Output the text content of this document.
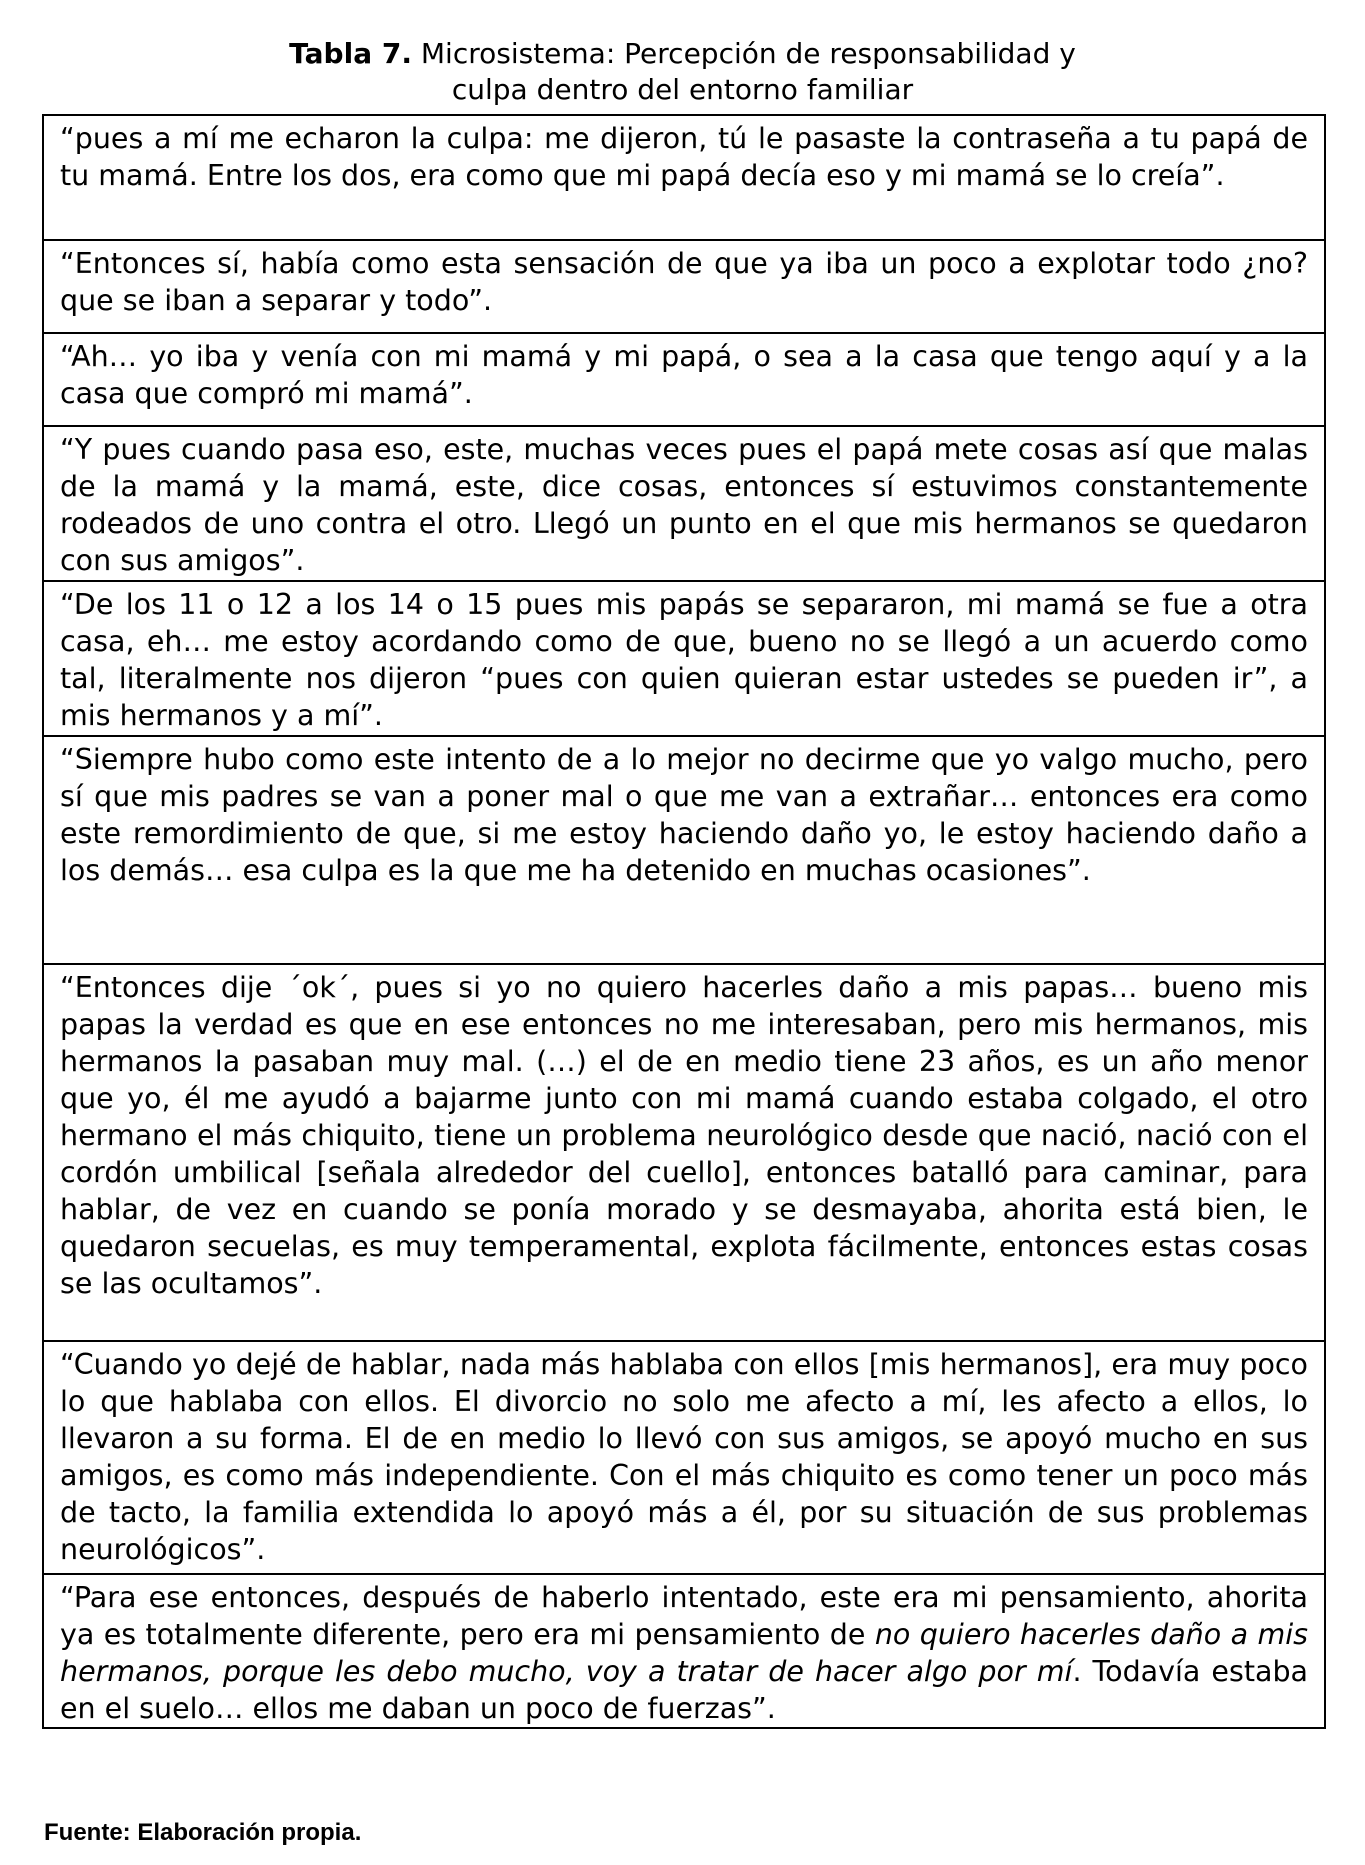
Tabla 7. Microsistema: Percepción de responsabilidad y
culpa dentro del entorno familiar
“pues a mí me echaron la culpa: me dijeron, tú le pasaste la contraseña a tu papá de tu mamá. Entre los dos, era como que mi papá decía eso y mi mamá se lo creía”.
“Entonces sí, había como esta sensación de que ya iba un poco a explotar todo ¿no? que se iban a separar y todo”.
“Ah… yo iba y venía con mi mamá y mi papá, o sea a la casa que tengo aquí y a la casa que compró mi mamá”.
“Y pues cuando pasa eso, este, muchas veces pues el papá mete cosas así que malas de la mamá y la mamá, este, dice cosas, entonces sí estuvimos constantemente rodeados de uno contra el otro. Llegó un punto en el que mis hermanos se quedaron con sus amigos”.
“De los 11 o 12 a los 14 o 15 pues mis papás se separaron, mi mamá se fue a otra casa, eh… me estoy acordando como de que, bueno no se llegó a un acuerdo como tal, literalmente nos dijeron “pues con quien quieran estar ustedes se pueden ir”, a mis hermanos y a mí”.
“Siempre hubo como este intento de a lo mejor no decirme que yo valgo mucho, pero sí que mis padres se van a poner mal o que me van a extrañar… entonces era como este remordimiento de que, si me estoy haciendo daño yo, le estoy haciendo daño a los demás… esa culpa es la que me ha detenido en muchas ocasiones”.
“Entonces dije ´ok´, pues si yo no quiero hacerles daño a mis papas… bueno mis papas la verdad es que en ese entonces no me interesaban, pero mis hermanos, mis hermanos la pasaban muy mal. (…) el de en medio tiene 23 años, es un año menor que yo, él me ayudó a bajarme junto con mi mamá cuando estaba colgado, el otro hermano el más chiquito, tiene un problema neurológico desde que nació, nació con el cordón umbilical [señala alrededor del cuello], entonces batalló para caminar, para hablar, de vez en cuando se ponía morado y se desmayaba, ahorita está bien, le quedaron secuelas, es muy temperamental, explota fácilmente, entonces estas cosas se las ocultamos”.
“Cuando yo dejé de hablar, nada más hablaba con ellos [mis hermanos], era muy poco lo que hablaba con ellos. El divorcio no solo me afecto a mí, les afecto a ellos, lo llevaron a su forma. El de en medio lo llevó con sus amigos, se apoyó mucho en sus amigos, es como más independiente. Con el más chiquito es como tener un poco más de tacto, la familia extendida lo apoyó más a él, por su situación de sus problemas neurológicos”.
“Para ese entonces, después de haberlo intentado, este era mi pensamiento, ahorita ya es totalmente diferente, pero era mi pensamiento de no quiero hacerles daño a mis hermanos, porque les debo mucho, voy a tratar de hacer algo por mí. Todavía estaba en el suelo… ellos me daban un poco de fuerzas”.
Fuente: Elaboración propia.
